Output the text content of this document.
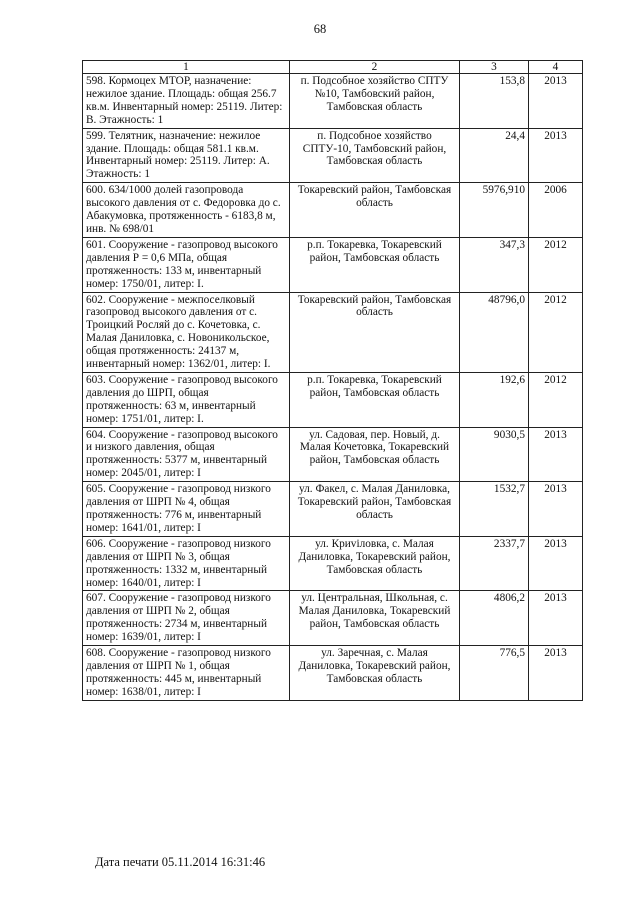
68
1	2	3	4
598. Кормоцех МТОР, назначение: нежилое здание. Площадь: общая 256.7 кв.м. Инвентарный номер: 25119. Литер: В. Этажность: 1	п. Подсобное хозяйство СПТУ №10, Тамбовский район, Тамбовская область	153,8	2013
599. Телятник, назначение: нежилое здание. Площадь: общая 581.1 кв.м. Инвентарный номер: 25119. Литер: А. Этажность: 1	п. Подсобное хозяйство СПТУ-10, Тамбовский район, Тамбовская область	24,4	2013
600. 634/1000 долей газопровода высокого давления от с. Федоровка до с. Абакумовка, протяженность - 6183,8 м, инв. № 698/01	Токаревский район, Тамбовская область	5976,910	2006
601. Сооружение - газопровод высокого давления Р = 0,6 МПа, общая протяженность: 133 м, инвентарный номер: 1750/01, литер: I.	р.п. Токаревка, Токаревский район, Тамбовская область	347,3	2012
602. Сооружение - межпоселковый газопровод высокого давления от с. Троицкий Росляй до с. Кочетовка, с. Малая Даниловка, с. Новоникольское, общая протяженность: 24137 м, инвентарный номер: 1362/01, литер: I.	Токаревский район, Тамбовская область	48796,0	2012
603. Сооружение - газопровод высокого давления до ШРП, общая протяженность: 63 м, инвентарный номер: 1751/01, литер: I.	р.п. Токаревка, Токаревский район, Тамбовская область	192,6	2012
604. Сооружение - газопровод высокого и низкого давления, общая протяженность: 5377 м, инвентарный номер: 2045/01, литер: I	ул. Садовая, пер. Новый, д. Малая Кочетовка, Токаревский район, Тамбовская область	9030,5	2013
605. Сооружение - газопровод низкого давления от ШРП № 4, общая протяженность: 776 м, инвентарный номер: 1641/01, литер: I	ул. Факел, с. Малая Даниловка, Токаревский район, Тамбовская область	1532,7	2013
606. Сооружение - газопровод низкого давления от ШРП № 3, общая протяженность: 1332 м, инвентарный номер: 1640/01, литер: I	ул. Криviловка, с. Малая Даниловка, Токаревский район, Тамбовская область	2337,7	2013
607. Сооружение - газопровод низкого давления от ШРП № 2, общая протяженность: 2734 м, инвентарный номер: 1639/01, литер: I	ул. Центральная, Школьная, с. Малая Даниловка, Токаревский район, Тамбовская область	4806,2	2013
608. Сооружение - газопровод низкого давления от ШРП № 1, общая протяженность: 445 м, инвентарный номер: 1638/01, литер: I	ул. Заречная, с. Малая Даниловка, Токаревский район, Тамбовская область	776,5	2013
Дата печати 05.11.2014 16:31:46
